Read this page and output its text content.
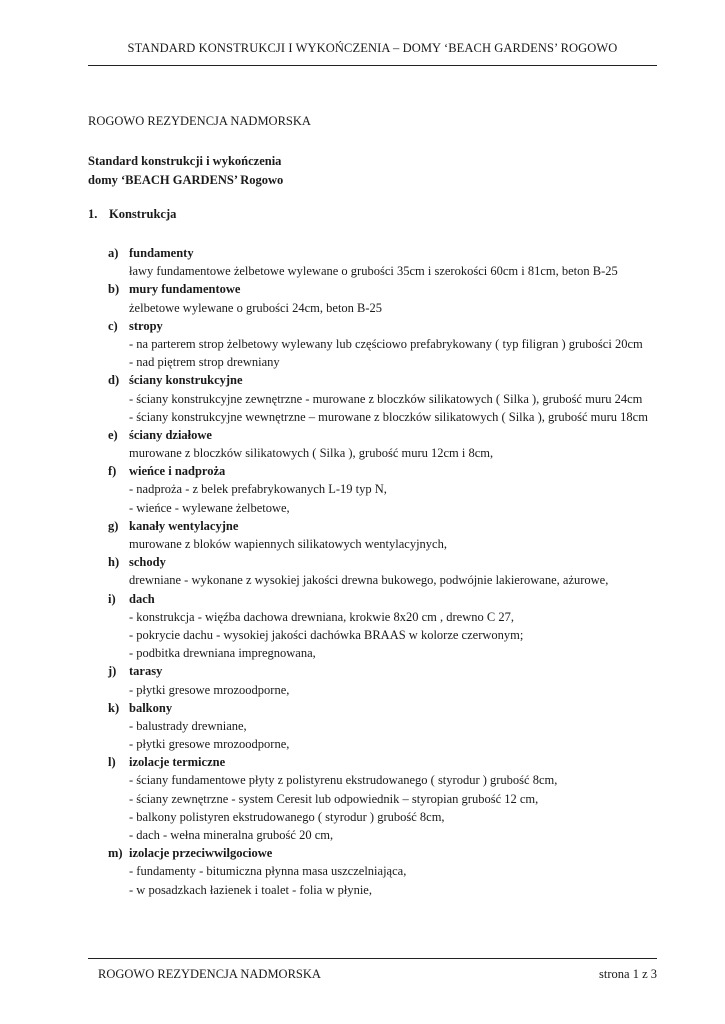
STANDARD KONSTRUKCJI I WYKOŃCZENIA – DOMY ‘BEACH GARDENS’ ROGOWO
ROGOWO REZYDENCJA NADMORSKA
Standard konstrukcji i wykończenia
domy ‘BEACH GARDENS’ Rogowo
1. Konstrukcja
a) fundamenty
ławy fundamentowe żelbetowe wylewane o grubości 35cm i szerokości 60cm i 81cm, beton B-25
b) mury fundamentowe
żelbetowe wylewane o grubości 24cm, beton B-25
c) stropy
- na parterem strop żelbetowy wylewany lub częściowo prefabrykowany ( typ filigran ) grubości 20cm
- nad piętrem strop drewniany
d) ściany konstrukcyjne
- ściany konstrukcyjne zewnętrzne - murowane z bloczków silikatowych ( Silka ), grubość muru 24cm
- ściany konstrukcyjne wewnętrzne – murowane z bloczków silikatowych ( Silka ), grubość muru 18cm
e) ściany działowe
murowane z bloczków silikatowych ( Silka ), grubość muru 12cm i 8cm,
f) wieńce i nadproża
- nadproża - z belek prefabrykowanych L-19 typ N,
- wieńce - wylewane żelbetowe,
g) kanały wentylacyjne
murowane z bloków wapiennych silikatowych wentylacyjnych,
h) schody
drewniane - wykonane z wysokiej jakości drewna bukowego, podwójnie lakierowane, ażurowe,
i) dach
- konstrukcja - więźba dachowa drewniana, krokwie 8x20 cm , drewno C 27,
- pokrycie dachu - wysokiej jakości dachówka BRAAS w kolorze czerwonym;
- podbitka drewniana impregnowana,
j) tarasy
- płytki gresowe mrozoodporne,
k) balkony
- balustrady drewniane,
- płytki gresowe mrozoodporne,
l) izolacje termiczne
- ściany fundamentowe płyty z polistyrenu ekstrudowanego ( styrodur ) grubość 8cm,
- ściany zewnętrzne - system Ceresit lub odpowiednik – styropian grubość 12 cm,
- balkony polistyren ekstrudowanego ( styrodur ) grubość 8cm,
- dach - wełna mineralna grubość 20 cm,
m) izolacje przeciwwilgociowe
- fundamenty - bitumiczna płynna masa uszczelniająca,
- w posadzkach łazienek i toalet - folia w płynie,
ROGOWO REZYDENCJA NADMORSKA	strona 1 z 3
